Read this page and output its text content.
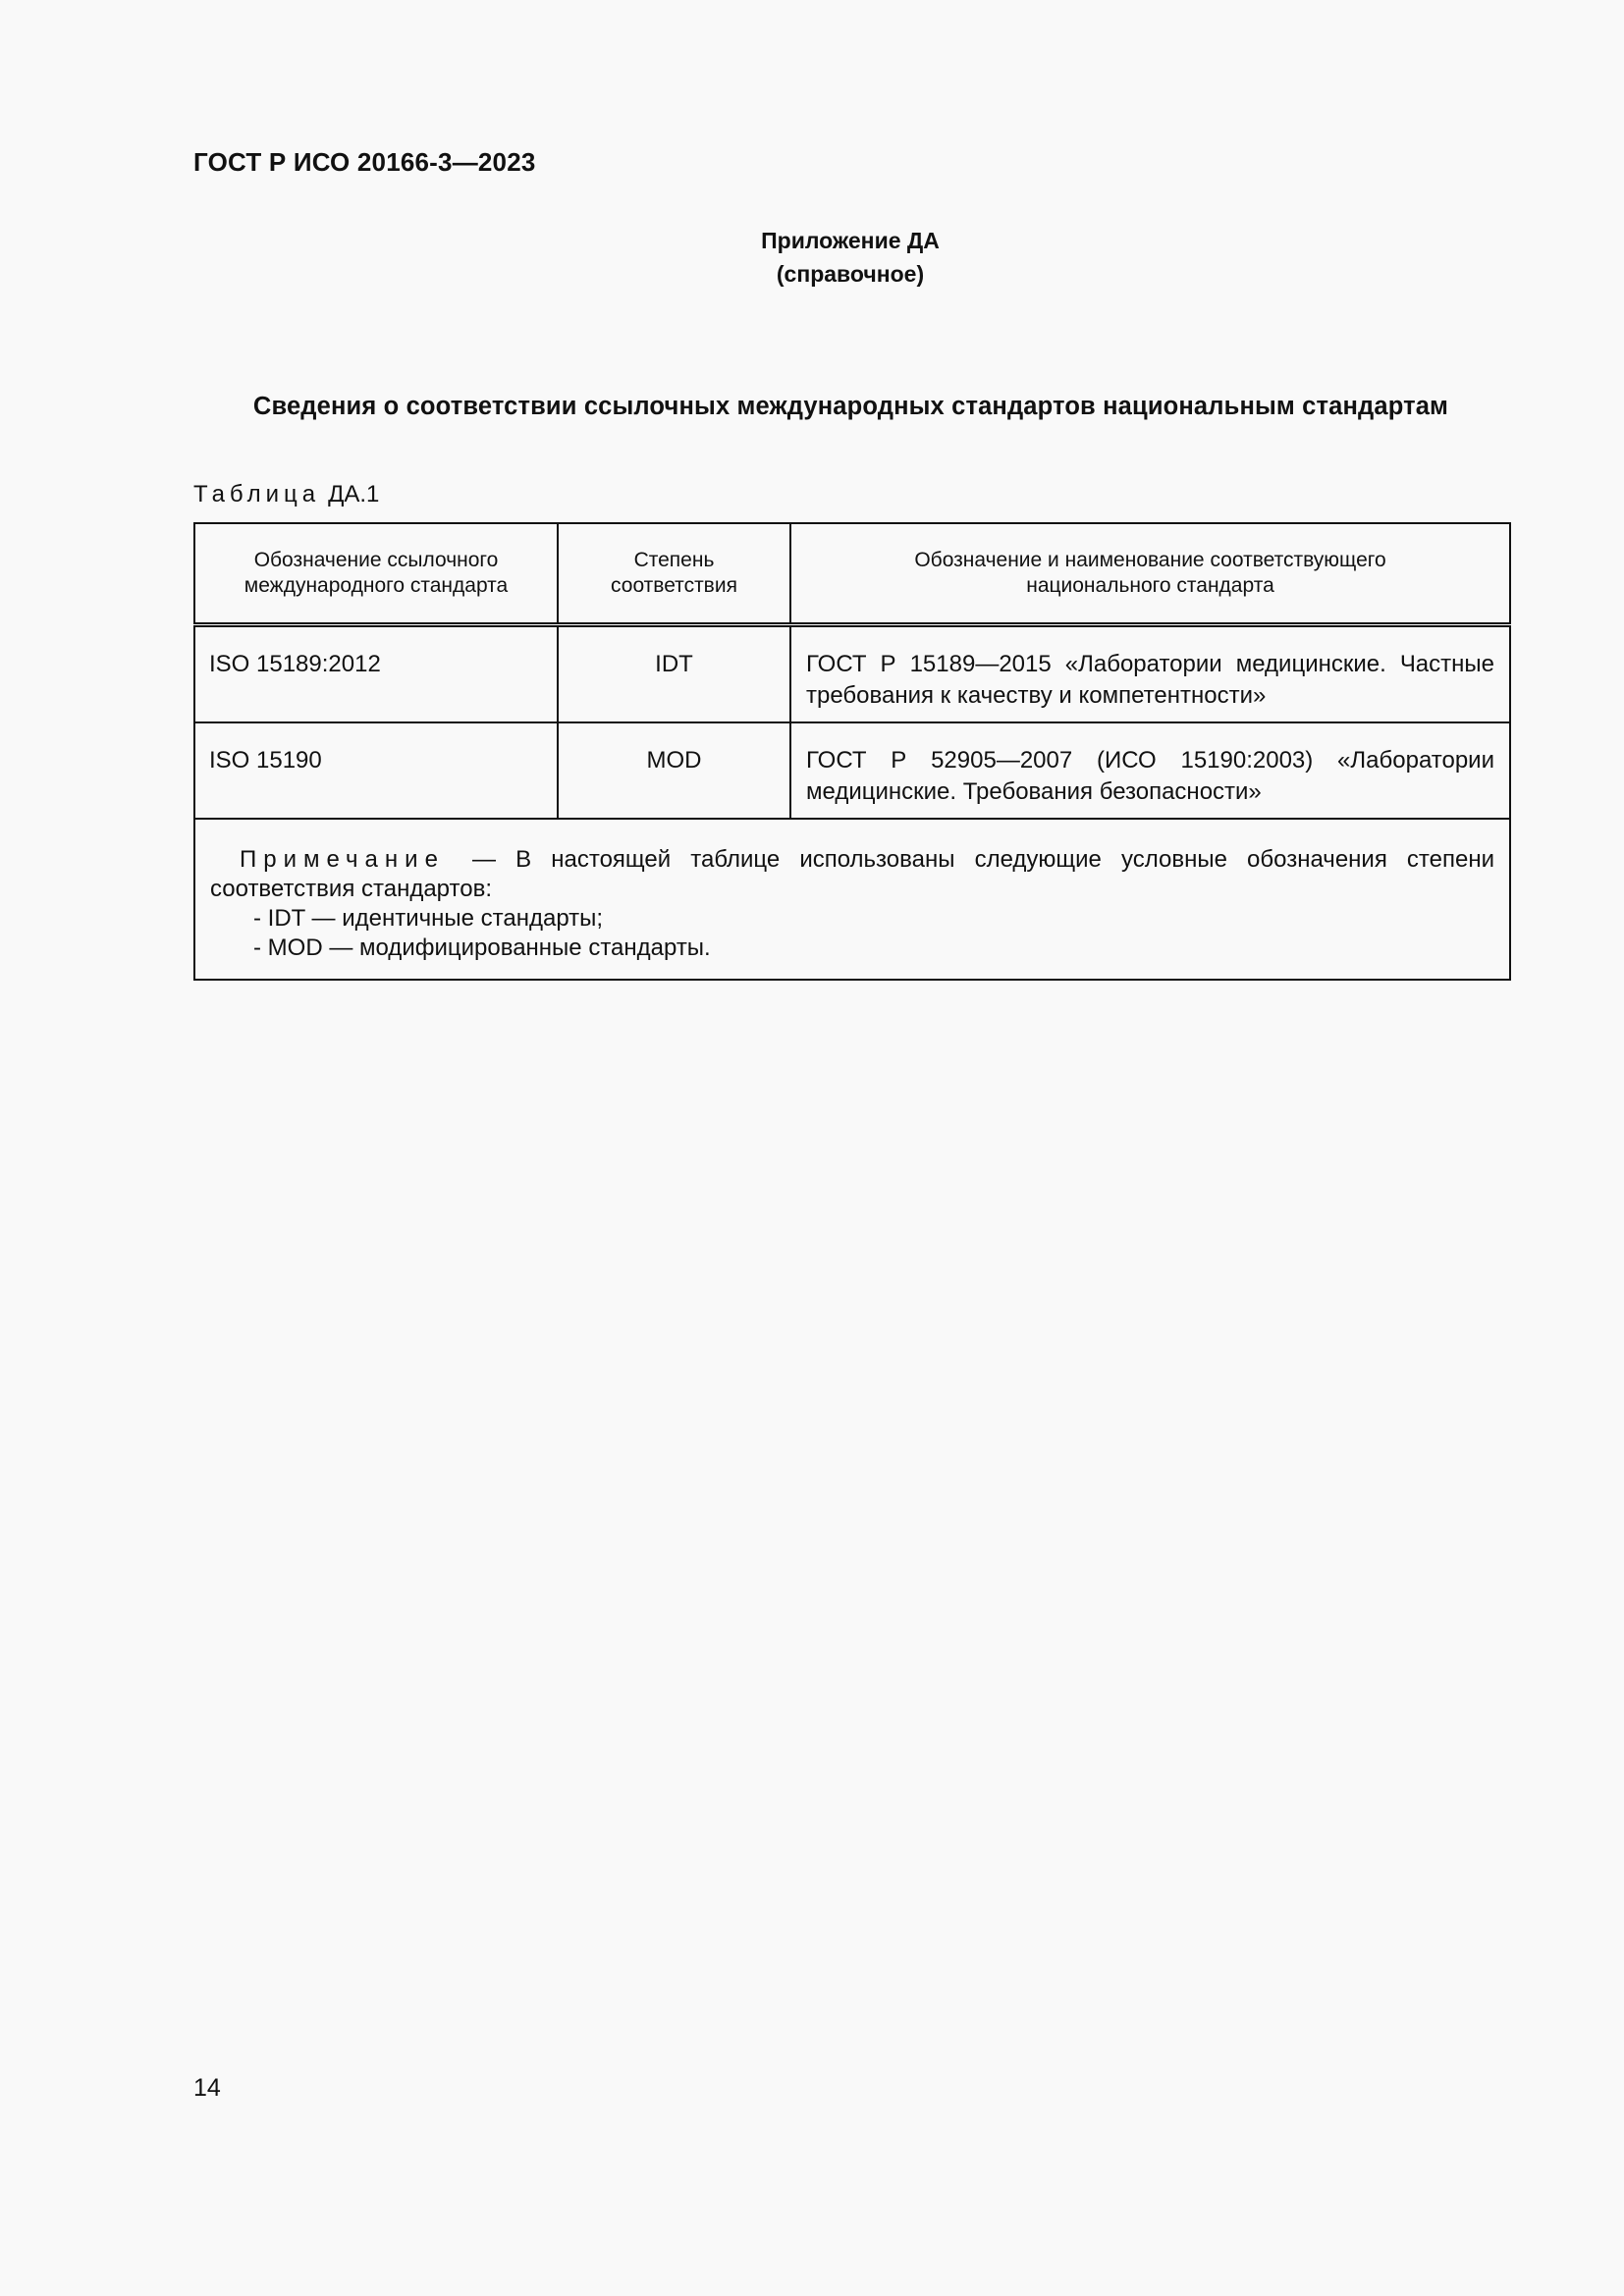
ГОСТ Р ИСО 20166-3—2023
Приложение ДА
(справочное)
Сведения о соответствии ссылочных международных стандартов национальным стандартам
Таблица ДА.1
Обозначение ссылочного международного стандарта	Степень соответствия	Обозначение и наименование соответствующего национального стандарта
ISO 15189:2012	IDT	ГОСТ Р 15189—2015 «Лаборатории медицинские. Частные требования к качеству и компетентности»
ISO 15190	MOD	ГОСТ Р 52905—2007 (ИСО 15190:2003) «Лаборатории медицинские. Требования безопасности»

Примечание — В настоящей таблице использованы следующие условные обозначения степени соответствия стандартов:
- IDT — идентичные стандарты;
- MOD — модифицированные стандарты.		
14
